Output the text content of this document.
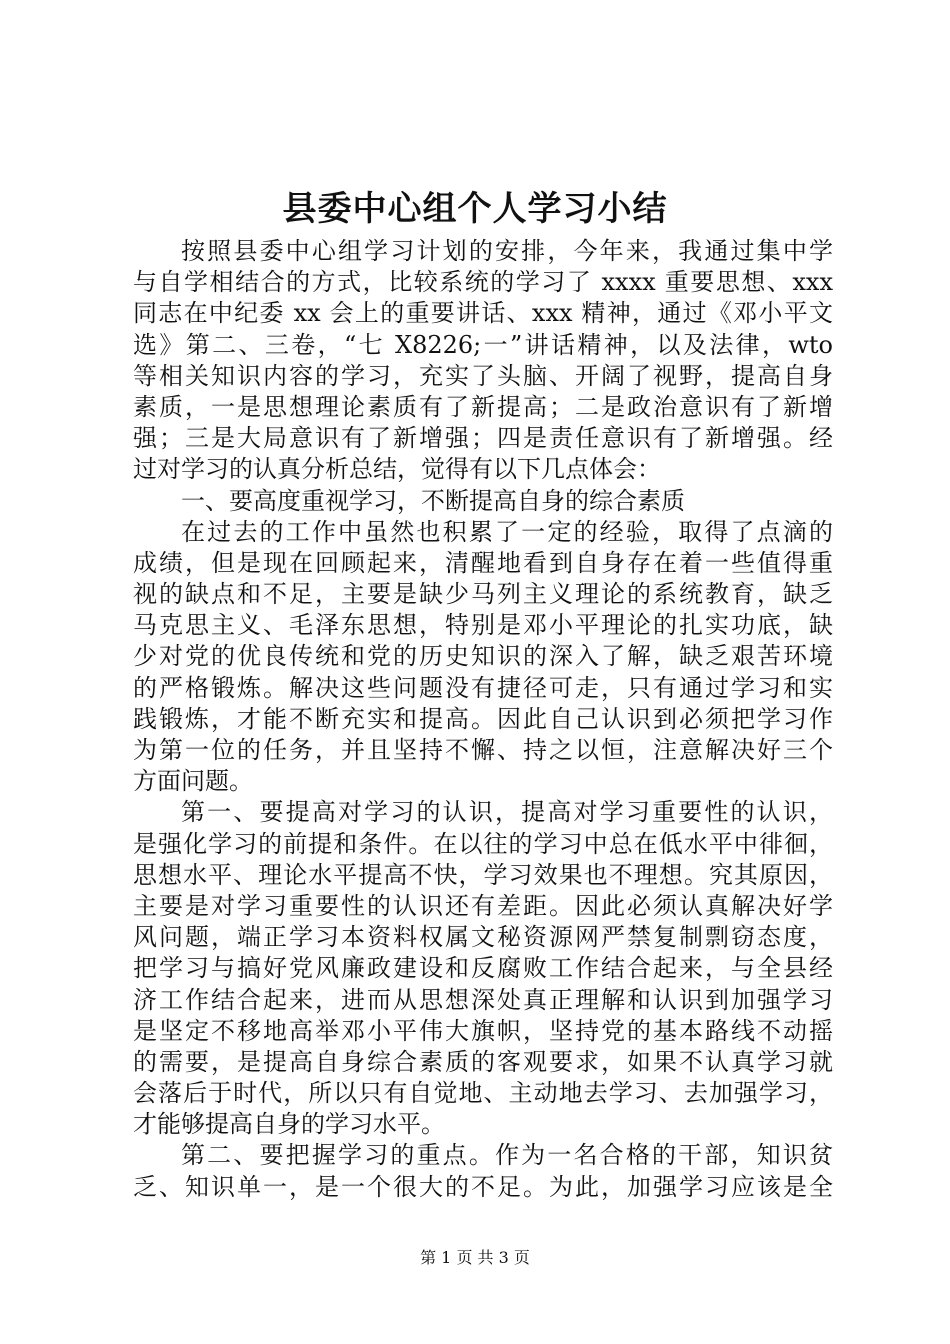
县委中心组个人学习小结
按照县委中心组学习计划的安排，今年来，我通过集中学
与自学相结合的方式，比较系统的学习了 xxxx 重要思想、xxx
同志在中纪委 xx 会上的重要讲话、xxx 精神，通过《邓小平文
选》第二、三卷，“七 X8226;一”讲话精神，以及法律，wto
等相关知识内容的学习，充实了头脑、开阔了视野，提高自身
素质，一是思想理论素质有了新提高；二是政治意识有了新增
强；三是大局意识有了新增强；四是责任意识有了新增强。经
过对学习的认真分析总结，觉得有以下几点体会：
一、要高度重视学习，不断提高自身的综合素质
在过去的工作中虽然也积累了一定的经验，取得了点滴的
成绩，但是现在回顾起来，清醒地看到自身存在着一些值得重
视的缺点和不足，主要是缺少马列主义理论的系统教育，缺乏
马克思主义、毛泽东思想，特别是邓小平理论的扎实功底，缺
少对党的优良传统和党的历史知识的深入了解，缺乏艰苦环境
的严格锻炼。解决这些问题没有捷径可走，只有通过学习和实
践锻炼，才能不断充实和提高。因此自己认识到必须把学习作
为第一位的任务，并且坚持不懈、持之以恒，注意解决好三个
方面问题。
第一、要提高对学习的认识，提高对学习重要性的认识，
是强化学习的前提和条件。在以往的学习中总在低水平中徘徊，
思想水平、理论水平提高不快，学习效果也不理想。究其原因，
主要是对学习重要性的认识还有差距。因此必须认真解决好学
风问题，端正学习本资料权属文秘资源网严禁复制剽窃态度，
把学习与搞好党风廉政建设和反腐败工作结合起来，与全县经
济工作结合起来，进而从思想深处真正理解和认识到加强学习
是坚定不移地高举邓小平伟大旗帜，坚持党的基本路线不动摇
的需要，是提高自身综合素质的客观要求，如果不认真学习就
会落后于时代，所以只有自觉地、主动地去学习、去加强学习，
才能够提高自身的学习水平。
第二、要把握学习的重点。作为一名合格的干部，知识贫
乏、知识单一，是一个很大的不足。为此，加强学习应该是全
第 1 页 共 3 页
